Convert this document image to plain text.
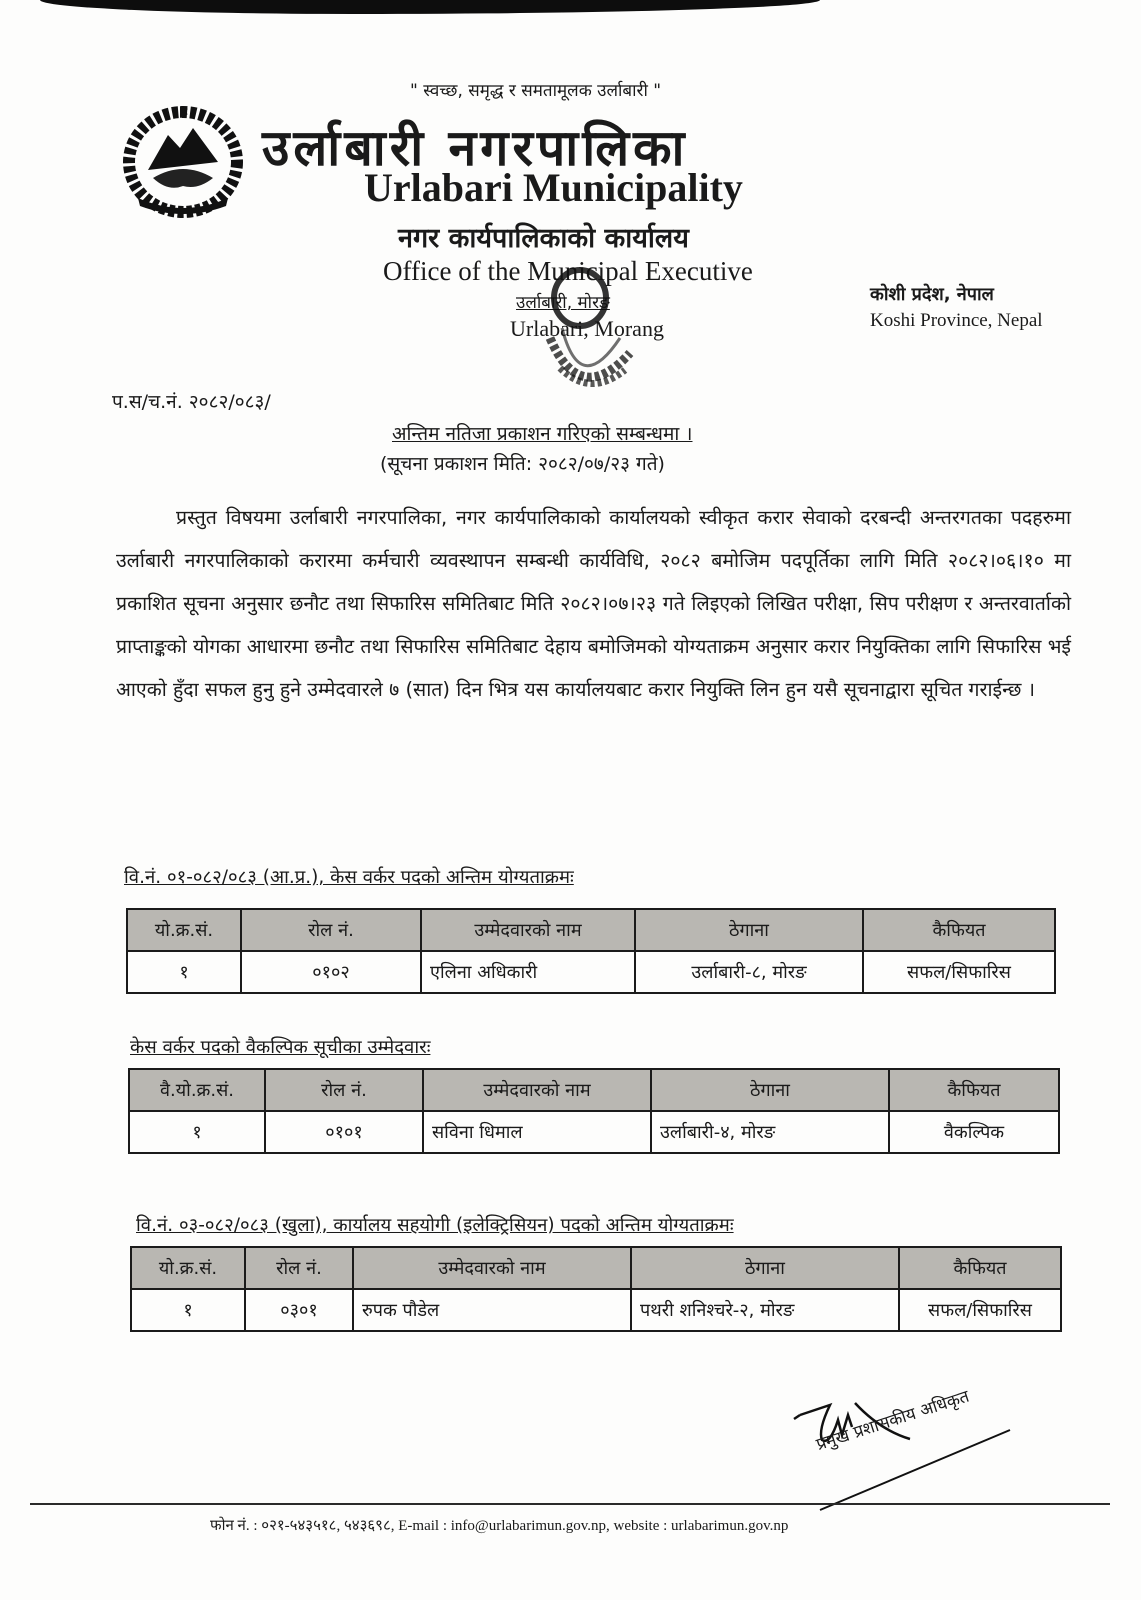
" स्वच्छ, समृद्ध र समतामूलक उर्लाबारी "
उर्लाबारी नगरपालिका
Urlabari Municipality
नगर कार्यपालिकाको कार्यालय
Office of the Municipal Executive
उर्लाबारी, मोरङ
Urlabari, Morang
कोशी प्रदेश, नेपाल
Koshi Province, Nepal
प.स/च.नं. २०८२/०८३/
अन्तिम नतिजा प्रकाशन गरिएको सम्बन्धमा ।
(सूचना प्रकाशन मिति: २०८२/०७/२३ गते)
प्रस्तुत विषयमा उर्लाबारी नगरपालिका, नगर कार्यपालिकाको कार्यालयको स्वीकृत करार सेवाको दरबन्दी अन्तरगतका पदहरुमा उर्लाबारी नगरपालिकाको करारमा कर्मचारी व्यवस्थापन सम्बन्धी कार्यविधि, २०८२ बमोजिम पदपूर्तिका लागि मिति २०८२।०६।१० मा प्रकाशित सूचना अनुसार छनौट तथा सिफारिस समितिबाट मिति २०८२।०७।२३ गते लिइएको लिखित परीक्षा, सिप परीक्षण र अन्तरवार्ताको प्राप्ताङ्कको योगका आधारमा छनौट तथा सिफारिस समितिबाट देहाय बमोजिमको योग्यताक्रम अनुसार करार नियुक्तिका लागि सिफारिस भई आएको हुँदा सफल हुनु हुने उम्मेदवारले ७ (सात) दिन भित्र यस कार्यालयबाट करार नियुक्ति लिन हुन यसै सूचनाद्वारा सूचित गराईन्छ ।
वि.नं. ०१-०८२/०८३ (आ.प्र.), केस वर्कर पदको अन्तिम योग्यताक्रमः
यो.क्र.सं.	रोल नं.	उम्मेदवारको नाम	ठेगाना	कैफियत
१	०१०२	एलिना अधिकारी	उर्लाबारी-८, मोरङ	सफल/सिफारिस
केस वर्कर पदको वैकल्पिक सूचीका उम्मेदवारः
वै.यो.क्र.सं.	रोल नं.	उम्मेदवारको नाम	ठेगाना	कैफियत
१	०१०१	सविना धिमाल	उर्लाबारी-४, मोरङ	वैकल्पिक
वि.नं. ०३-०८२/०८३ (खुला), कार्यालय सहयोगी (इलेक्ट्रिसियन) पदको अन्तिम योग्यताक्रमः
यो.क्र.सं.	रोल नं.	उम्मेदवारको नाम	ठेगाना	कैफियत
१	०३०१	रुपक पौडेल	पथरी शनिश्चरे-२, मोरङ	सफल/सिफारिस
प्रमुख प्रशासकीय अधिकृत
फोन नं. : ०२१-५४३५१८, ५४३६९८, E-mail : info@urlabarimun.gov.np, website : urlabarimun.gov.np
